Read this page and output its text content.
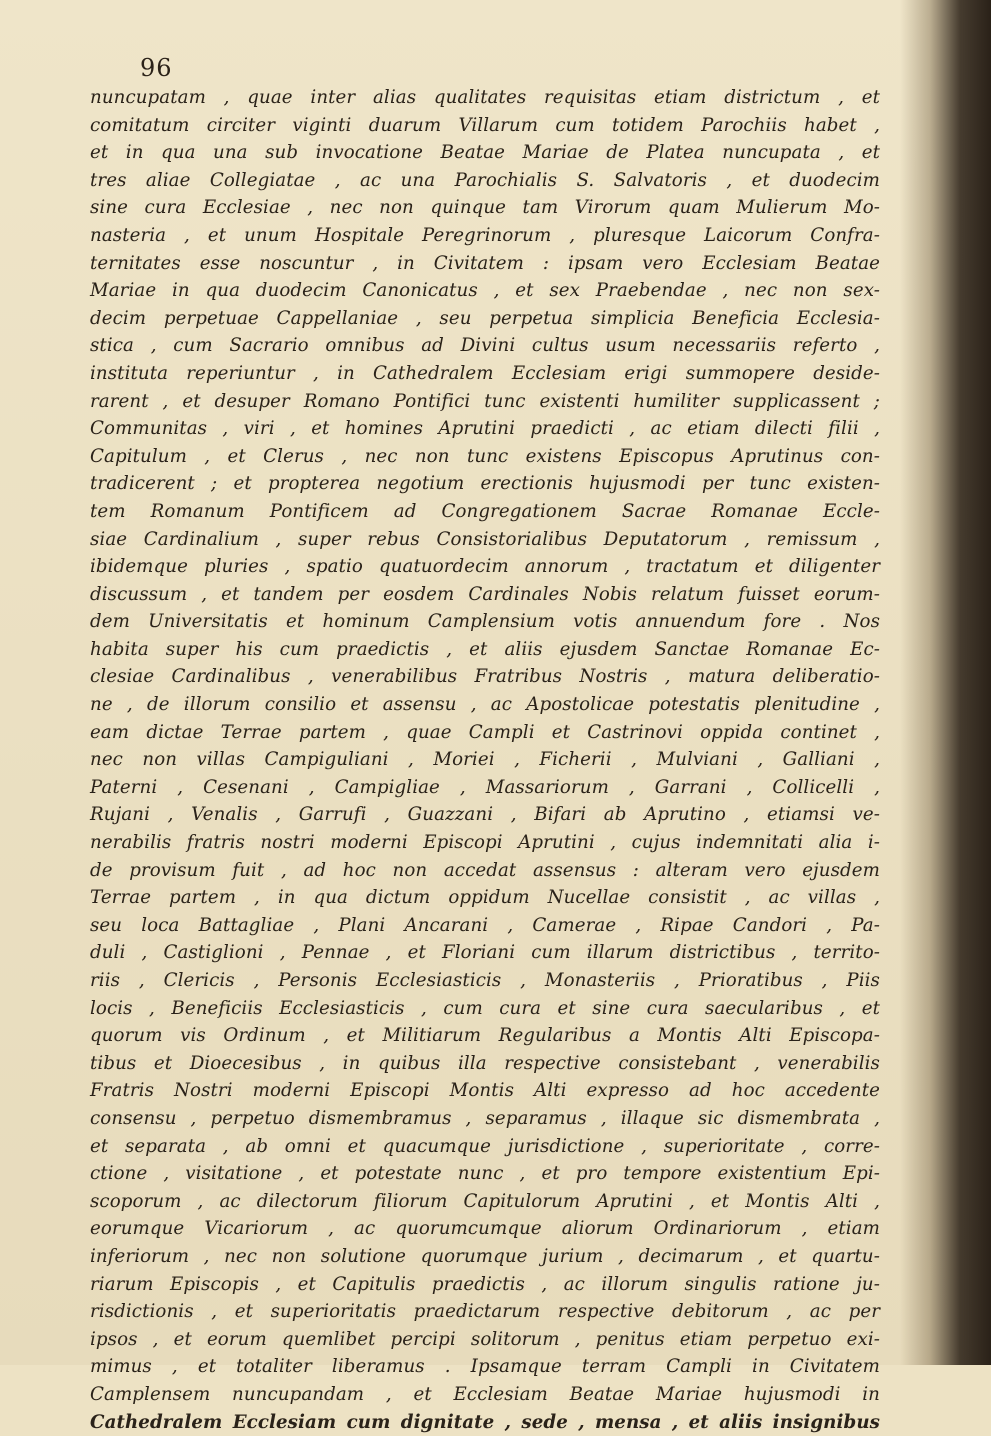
96
nuncupatam , quae inter alias qualitates requisitas etiam districtum , et
comitatum circiter viginti duarum Villarum cum totidem Parochiis habet ,
et in qua una sub invocatione Beatae Mariae de Platea nuncupata , et
tres aliae Collegiatae , ac una Parochialis S. Salvatoris , et duodecim
sine cura Ecclesiae , nec non quinque tam Virorum quam Mulierum Mo-
nasteria , et unum Hospitale Peregrinorum , pluresque Laicorum Confra-
ternitates esse noscuntur , in Civitatem : ipsam vero Ecclesiam Beatae
Mariae in qua duodecim Canonicatus , et sex Praebendae , nec non sex-
decim perpetuae Cappellaniae , seu perpetua simplicia Beneficia Ecclesia-
stica , cum Sacrario omnibus ad Divini cultus usum necessariis referto ,
instituta reperiuntur , in Cathedralem Ecclesiam erigi summopere deside-
rarent , et desuper Romano Pontifici tunc existenti humiliter supplicassent ;
Communitas , viri , et homines Aprutini praedicti , ac etiam dilecti filii ,
Capitulum , et Clerus , nec non tunc existens Episcopus Aprutinus con-
tradicerent ; et propterea negotium erectionis hujusmodi per tunc existen-
tem Romanum Pontificem ad Congregationem Sacrae Romanae Eccle-
siae Cardinalium , super rebus Consistorialibus Deputatorum , remissum ,
ibidemque pluries , spatio quatuordecim annorum , tractatum et diligenter
discussum , et tandem per eosdem Cardinales Nobis relatum fuisset eorum-
dem Universitatis et hominum Camplensium votis annuendum fore . Nos
habita super his cum praedictis , et aliis ejusdem Sanctae Romanae Ec-
clesiae Cardinalibus , venerabilibus Fratribus Nostris , matura deliberatio-
ne , de illorum consilio et assensu , ac Apostolicae potestatis plenitudine ,
eam dictae Terrae partem , quae Campli et Castrinovi oppida continet ,
nec non villas Campiguliani , Moriei , Ficherii , Mulviani , Galliani ,
Paterni , Cesenani , Campigliae , Massariorum , Garrani , Collicelli ,
Rujani , Venalis , Garrufi , Guazzani , Bifari ab Aprutino , etiamsi ve-
nerabilis fratris nostri moderni Episcopi Aprutini , cujus indemnitati alia i-
de provisum fuit , ad hoc non accedat assensus : alteram vero ejusdem
Terrae partem , in qua dictum oppidum Nucellae consistit , ac villas ,
seu loca Battagliae , Plani Ancarani , Camerae , Ripae Candori , Pa-
duli , Castiglioni , Pennae , et Floriani cum illarum districtibus , territo-
riis , Clericis , Personis Ecclesiasticis , Monasteriis , Prioratibus , Piis
locis , Beneficiis Ecclesiasticis , cum cura et sine cura saecularibus , et
quorum vis Ordinum , et Militiarum Regularibus a Montis Alti Episcopa-
tibus et Dioecesibus , in quibus illa respective consistebant , venerabilis
Fratris Nostri moderni Episcopi Montis Alti expresso ad hoc accedente
consensu , perpetuo dismembramus , separamus , illaque sic dismembrata ,
et separata , ab omni et quacumque jurisdictione , superioritate , corre-
ctione , visitatione , et potestate nunc , et pro tempore existentium Epi-
scoporum , ac dilectorum filiorum Capitulorum Aprutini , et Montis Alti ,
eorumque Vicariorum , ac quorumcumque aliorum Ordinariorum , etiam
inferiorum , nec non solutione quorumque jurium , decimarum , et quartu-
riarum Episcopis , et Capitulis praedictis , ac illorum singulis ratione ju-
risdictionis , et superioritatis praedictarum respective debitorum , ac per
ipsos , et eorum quemlibet percipi solitorum , penitus etiam perpetuo exi-
mimus , et totaliter liberamus . Ipsamque terram Campli in Civitatem
Camplensem nuncupandam , et Ecclesiam Beatae Mariae hujusmodi in
Cathedralem Ecclesiam cum dignitate , sede , mensa , et aliis insignibus
